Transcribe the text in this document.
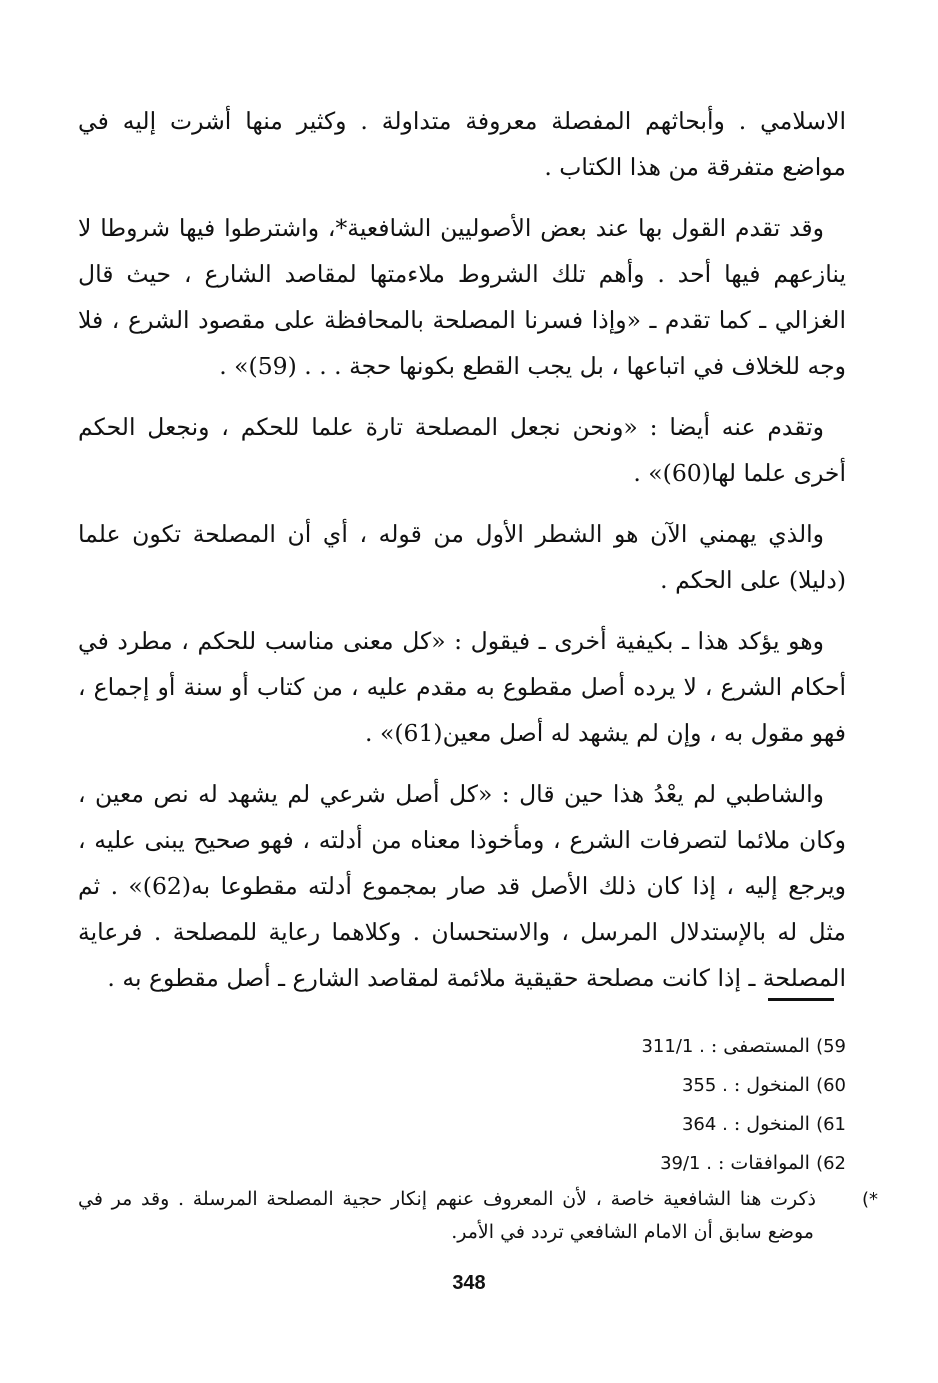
الاسلامي . وأبحاثهم المفصلة معروفة متداولة . وكثير منها أشرت إليه في مواضع متفرقة من هذا الكتاب .

وقد تقدم القول بها عند بعض الأصوليين الشافعية*، واشترطوا فيها شروطا لا ينازعهم فيها أحد . وأهم تلك الشروط ملاءمتها لمقاصد الشارع ، حيث قال الغزالي ـ كما تقدم ـ «وإذا فسرنا المصلحة بالمحافظة على مقصود الشرع ، فلا وجه للخلاف في اتباعها ، بل يجب القطع بكونها حجة . . . (59)» .

وتقدم عنه أيضا : «ونحن نجعل المصلحة تارة علما للحكم ، ونجعل الحكم أخرى علما لها(60)» .

والذي يهمني الآن هو الشطر الأول من قوله ، أي أن المصلحة تكون علما (دليلا) على الحكم .

وهو يؤكد هذا ـ بكيفية أخرى ـ فيقول : «كل معنى مناسب للحكم ، مطرد في أحكام الشرع ، لا يرده أصل مقطوع به مقدم عليه ، من كتاب أو سنة أو إجماع ، فهو مقول به ، وإن لم يشهد له أصل معين(61)» .

والشاطبي لم يعْدُ هذا حين قال : «كل أصل شرعي لم يشهد له نص معين ، وكان ملائما لتصرفات الشرع ، ومأخوذا معناه من أدلته ، فهو صحيح يبنى عليه ، ويرجع إليه ، إذا كان ذلك الأصل قد صار بمجموع أدلته مقطوعا به(62)» . ثم مثل له بالإستدلال المرسل ، والاستحسان . وكلاهما رعاية للمصلحة . فرعاية المصلحة ـ إذا كانت مصلحة حقيقية ملائمة لمقاصد الشارع ـ أصل مقطوع به .

59) المستصفى : 311/1 .
60) المنخول : 355 .
61) المنخول : 364 .
62) الموافقات : 39/1 .
*)ذكرت هنا الشافعية خاصة ، لأن المعروف عنهم إنكار حجية المصلحة المرسلة . وقد مر في موضع سابق أن الامام الشافعي تردد في الأمر.
348
